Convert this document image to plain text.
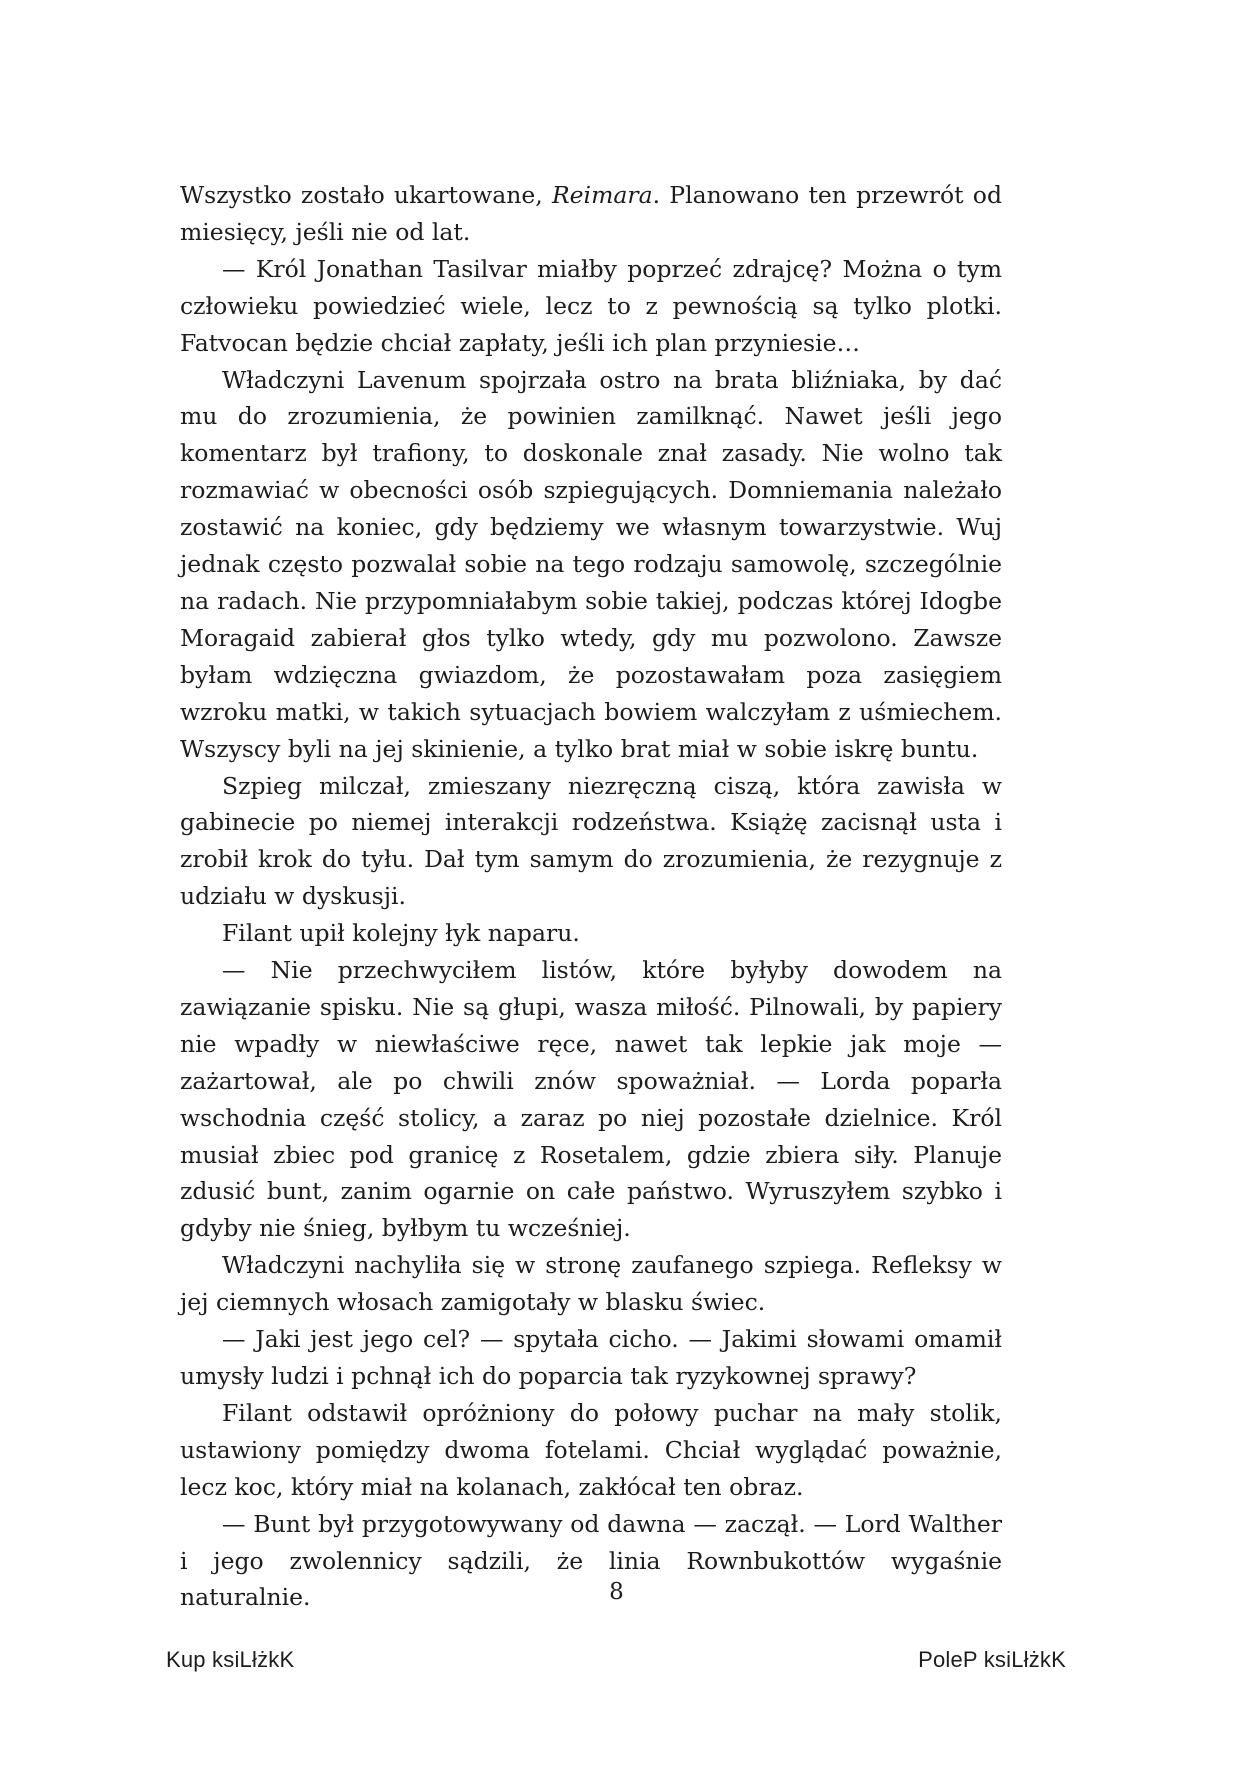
Wszystko zostało ukartowane, Reimara. Planowano ten przewrót od miesięcy, jeśli nie od lat.

— Król Jonathan Tasilvar miałby poprzeć zdrajcę? Można o tym człowieku powiedzieć wiele, lecz to z pewnością są tylko plotki. Fatvocan będzie chciał zapłaty, jeśli ich plan przyniesie…

Władczyni Lavenum spojrzała ostro na brata bliźniaka, by dać mu do zrozumienia, że powinien zamilknąć. Nawet jeśli jego komentarz był trafiony, to doskonale znał zasady. Nie wolno tak rozmawiać w obecności osób szpiegujących. Domniemania należało zostawić na koniec, gdy będziemy we własnym towarzystwie. Wuj jednak często pozwalał sobie na tego rodzaju samowolę, szczególnie na radach. Nie przypomniałabym sobie takiej, podczas której Idogbe Moragaid zabierał głos tylko wtedy, gdy mu pozwolono. Zawsze byłam wdzięczna gwiazdom, że pozostawałam poza zasięgiem wzroku matki, w takich sytuacjach bowiem walczyłam z uśmiechem. Wszyscy byli na jej skinienie, a tylko brat miał w sobie iskrę buntu.

Szpieg milczał, zmieszany niezręczną ciszą, która zawisła w gabinecie po niemej interakcji rodzeństwa. Książę zacisnął usta i zrobił krok do tyłu. Dał tym samym do zrozumienia, że rezygnuje z udziału w dyskusji.

Filant upił kolejny łyk naparu.

— Nie przechwyciłem listów, które byłyby dowodem na zawiązanie spisku. Nie są głupi, wasza miłość. Pilnowali, by papiery nie wpadły w niewłaściwe ręce, nawet tak lepkie jak moje — zażartował, ale po chwili znów spoważniał. — Lorda poparła wschodnia część stolicy, a zaraz po niej pozostałe dzielnice. Król musiał zbiec pod granicę z Rosetalem, gdzie zbiera siły. Planuje zdusić bunt, zanim ogarnie on całe państwo. Wyruszyłem szybko i gdyby nie śnieg, byłbym tu wcześniej.

Władczyni nachyliła się w stronę zaufanego szpiega. Refleksy w jej ciemnych włosach zamigotały w blasku świec.

— Jaki jest jego cel? — spytała cicho. — Jakimi słowami omamił umysły ludzi i pchnął ich do poparcia tak ryzykownej sprawy?

Filant odstawił opróżniony do połowy puchar na mały stolik, ustawiony pomiędzy dwoma fotelami. Chciał wyglądać poważnie, lecz koc, który miał na kolanach, zakłócał ten obraz.

— Bunt był przygotowywany od dawna — zaczął. — Lord Walther i jego zwolennicy sądzili, że linia Rownbukottów wygaśnie naturalnie.	8
Kup ksiLłżkK	PoleP ksiLłżkK
